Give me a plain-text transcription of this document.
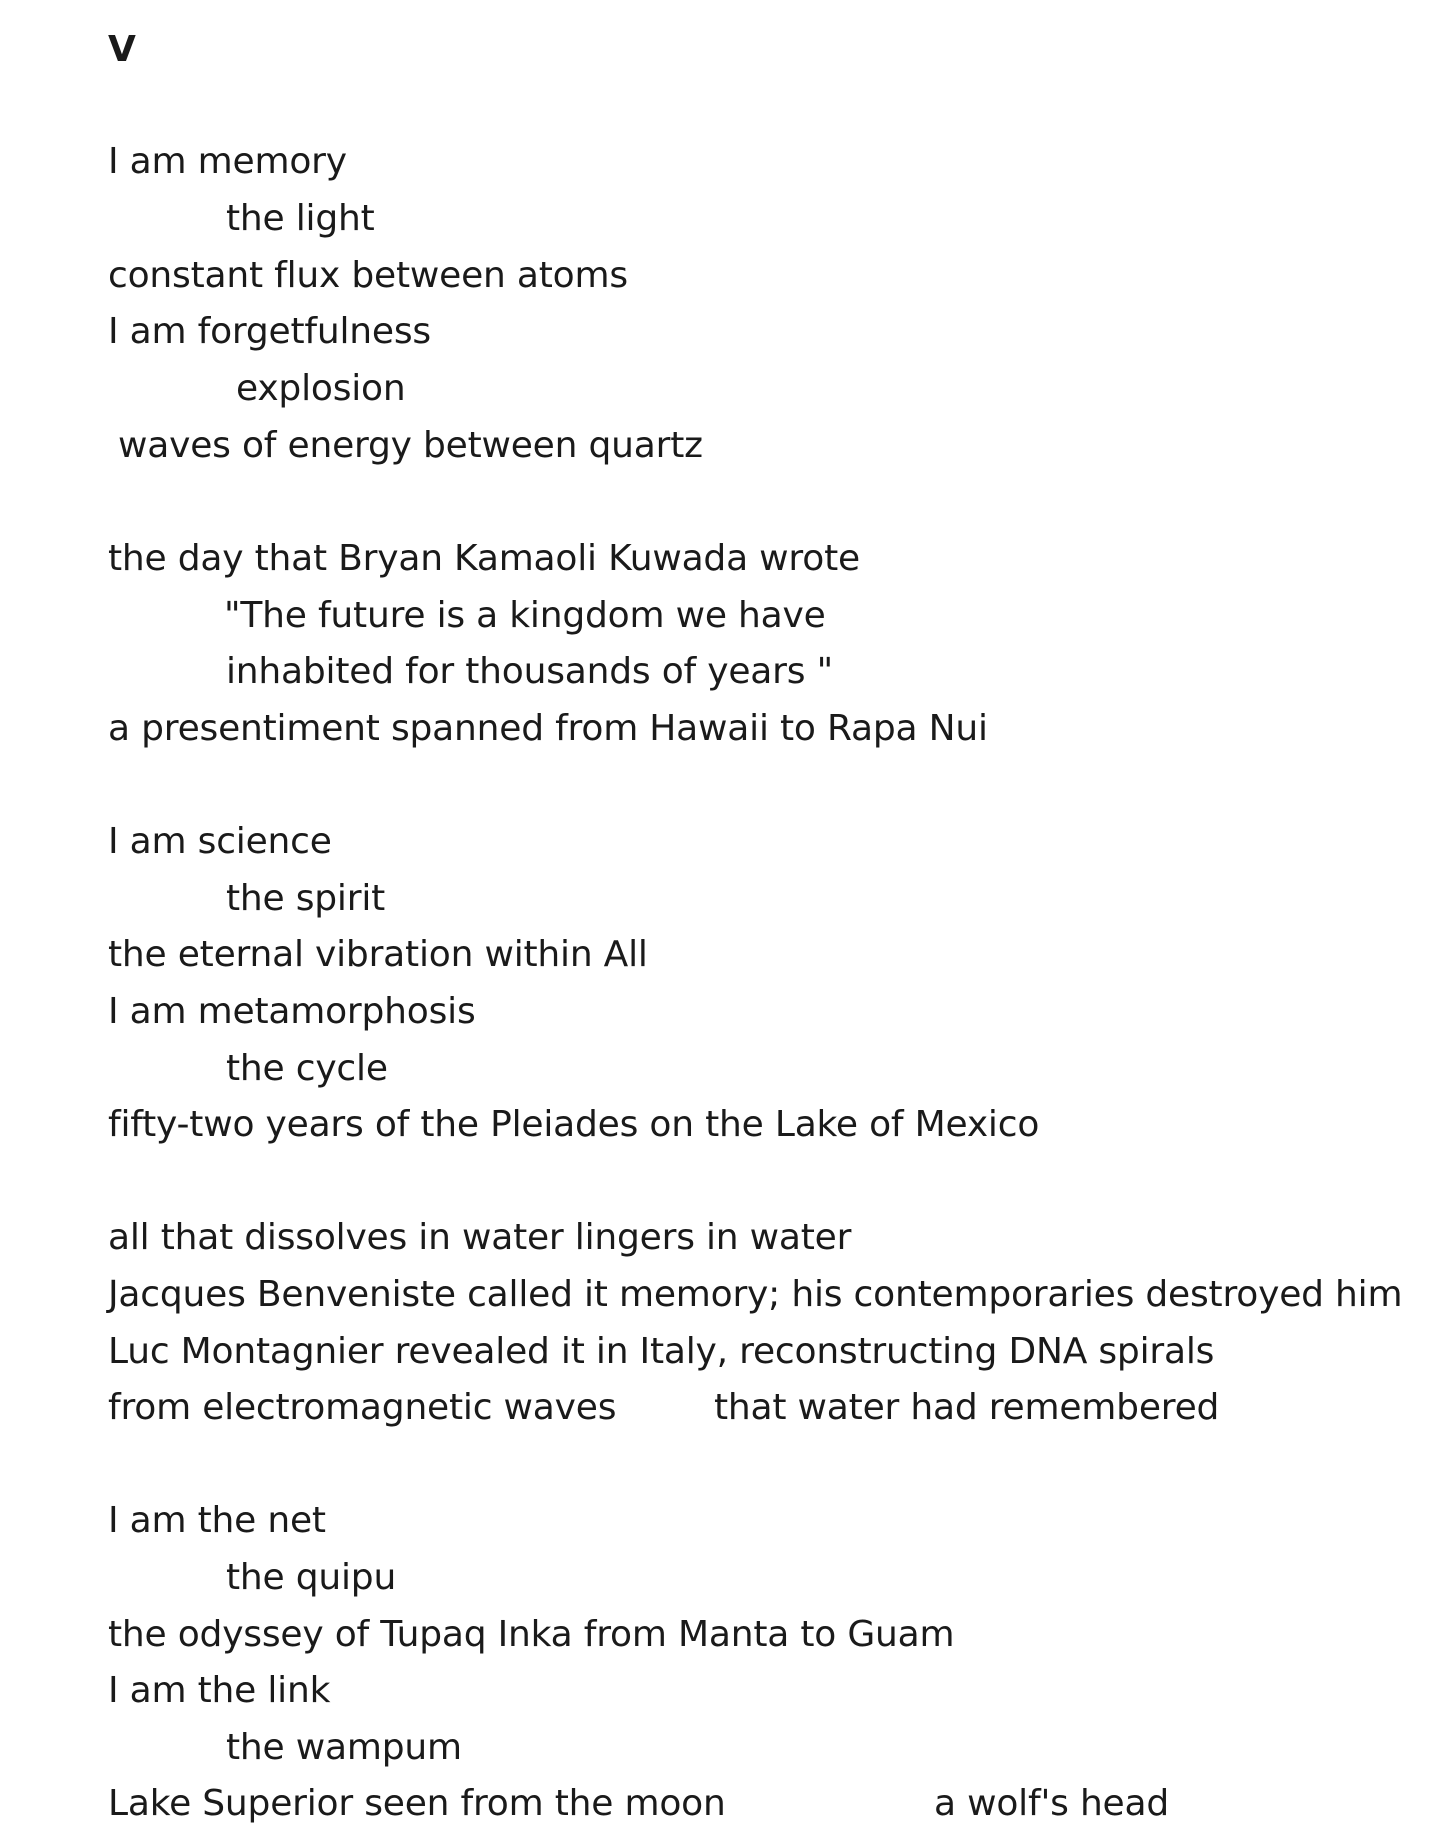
V
I am memory
the light
constant flux between atoms
I am forgetfulness
explosion
waves of energy between quartz
the day that Bryan Kamaoli Kuwada wrote
"The future is a kingdom we have
inhabited for thousands of years "
a presentiment spanned from Hawaii to Rapa Nui
I am science
the spirit
the eternal vibration within All
I am metamorphosis
the cycle
fifty-two years of the Pleiades on the Lake of Mexico
all that dissolves in water lingers in water
Jacques Benveniste called it memory; his contemporaries destroyed him
Luc Montagnier revealed it in Italy, reconstructing DNA spirals
from electromagnetic waves	that water had remembered
I am the net
the quipu
the odyssey of Tupaq Inka from Manta to Guam
I am the link
the wampum
Lake Superior seen from the moon	a wolf's head
